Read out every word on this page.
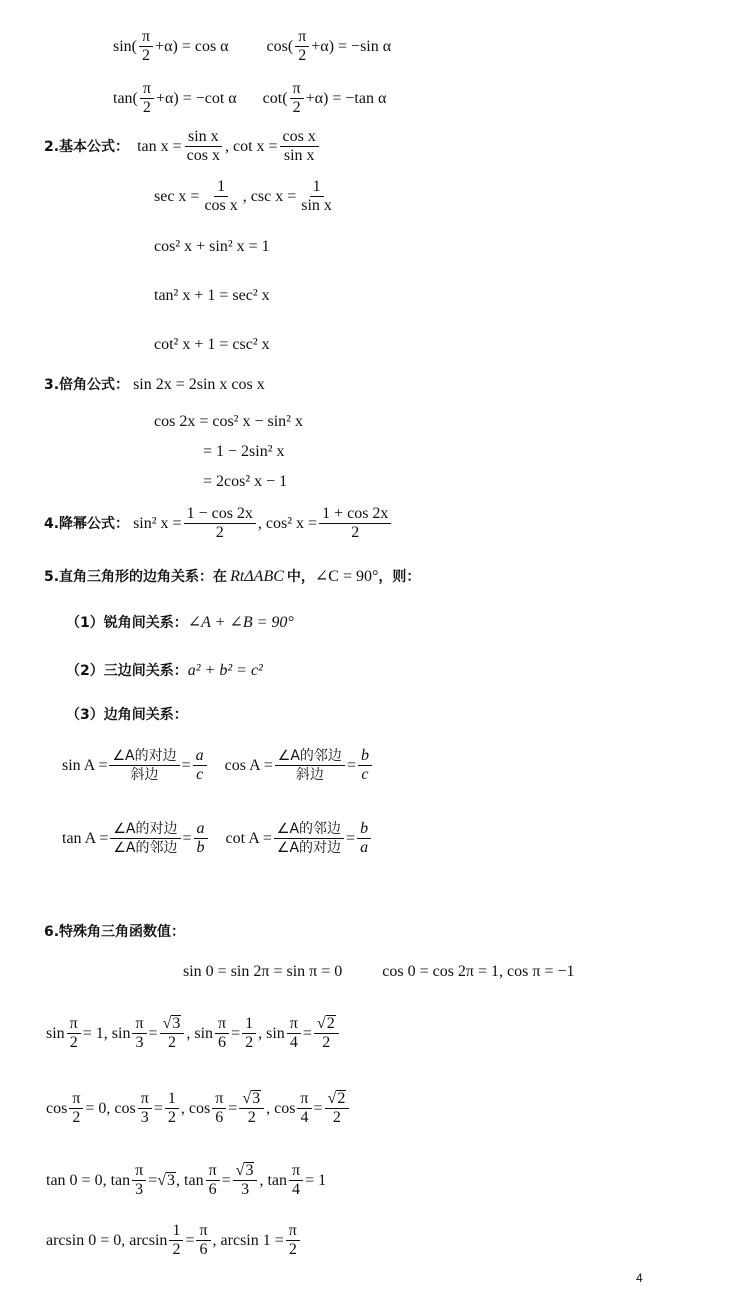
$\sin( \frac{\pi}{2} +\alpha) = \cos \alpha$ $\cos( \frac{\pi}{2} +\alpha) = -\sin$ α
$\tan( \frac{\pi}{2} +\alpha) = -\cot$ α $\cot( \frac{\pi}{2} +\alpha) = -\tan$ α
2.基本公式： $\tan x = \frac{\text{sin x}}{\text{cos x}}$ , $\cot x = \frac{\text{cos x}}{\text{sin x}}$
$\sec x = \frac{1}{\text{cos x}}$ , $\csc x = \frac{1}{\text{sin x}}$
cos² x + sin² x = 1
tan² x + 1 = sec² x
cot² x + 1 = csc² x
3.倍角公式： sin 2x = 2sin x cos x
cos 2x = cos² x − sin² x
= 1 − 2sin² x
= 2cos² x − 1
4.降幂公式： sin² $x = \frac{1 - \cos 2x}{2}$ , cos² $x = \frac{1 + \cos 2x}{2}$
5.直角三角形的边角关系：在 RtΔABC 中， ∠C = 90° ，则：
（1）锐角间关系： ∠A + ∠B = 90°
（2）三边间关系： a² + b² = c²
（3）边角间关系：
$\sin A = \frac{\text{∠A的对边}}{\text{斜边}} = \frac{a}{c}$ $\cos A = \frac{\text{∠A的邻边}}{\text{斜边}} = \frac{b}{c}$
$\tan A = \frac{\text{∠A的对边}}{\text{∠A的邻边}} = \frac{a}{b}$ $\cot A = \frac{\text{∠A的邻边}}{\text{∠A的对边}} = \frac{b}{a}$
6.特殊角三角函数值：
sin 0 = sin 2π = sin π = 0	cos 0 = cos 2π = 1, cos π = −1
$\sin \frac{\pi}{2} = 1$, $\sin \frac{\pi}{3} = \frac{√3}{2}$ , $\sin \frac{\pi}{6} = \frac{1}{2}$ , $\sin \frac{\pi}{4} = \frac{√2}{2}$
$\cos \frac{\pi}{2} = 0$, $\cos \frac{\pi}{3} = \frac{1}{2}$ , $\cos \frac{\pi}{6} = \frac{√3}{2}$ , $\cos \frac{\pi}{4} = \frac{√2}{2}$
tan 0 = 0, $\tan \frac{\pi}{3} = √3$ , $\tan \frac{\pi}{6} = \frac{√3}{3}$ , $\tan \frac{\pi}{4} = 1$
arcsin 0 = 0, $\arcsin \frac{1}{2} = \frac{\pi}{6}$ , $\arcsin 1 = \frac{\pi}{2}$
4
